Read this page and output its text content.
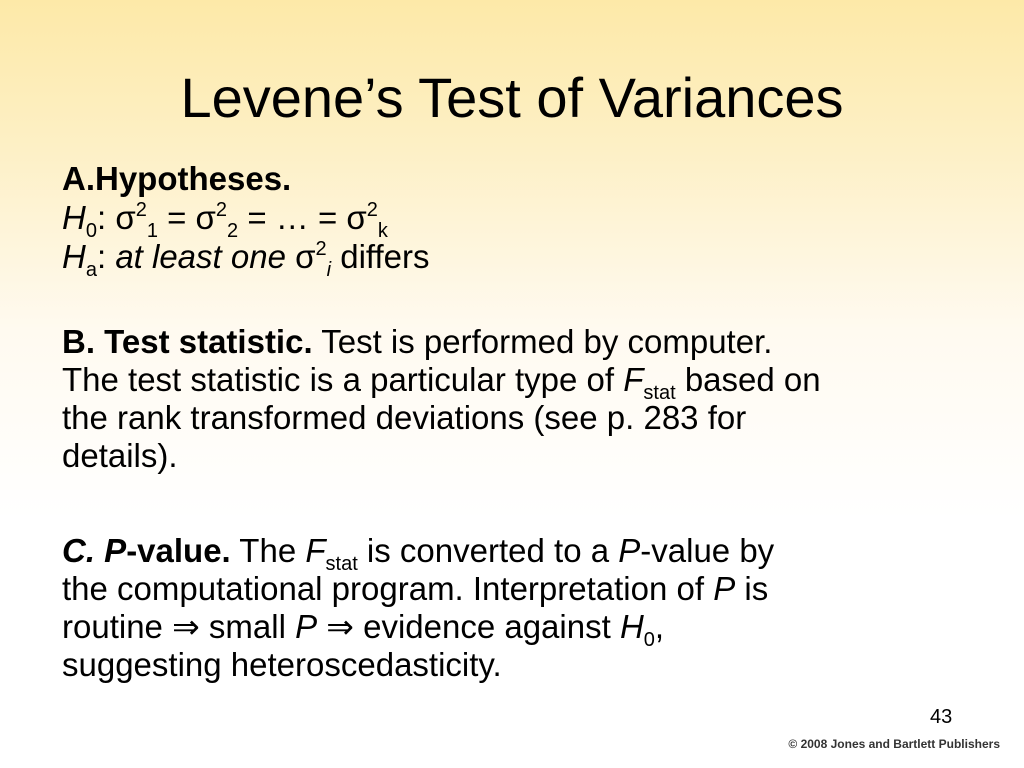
Levene’s Test of Variances
A.Hypotheses.
$H_0$: $\sigma^2_1 = \sigma^2_2$ = … = $\sigma^2_k$
$H_a$: at least one $\sigma^2_i$ differs
B. Test statistic. Test is performed by computer.
The test statistic is a particular type of $F_{stat}$ based on
the rank transformed deviations (see p. 283 for
details).
C. P-value. The $F_{stat}$ is converted to a P-value by
the computational program. Interpretation of P is
routine ⇒ small P ⇒ evidence against $H_0$,
suggesting heteroscedasticity.
43
© 2008 Jones and Bartlett Publishers
